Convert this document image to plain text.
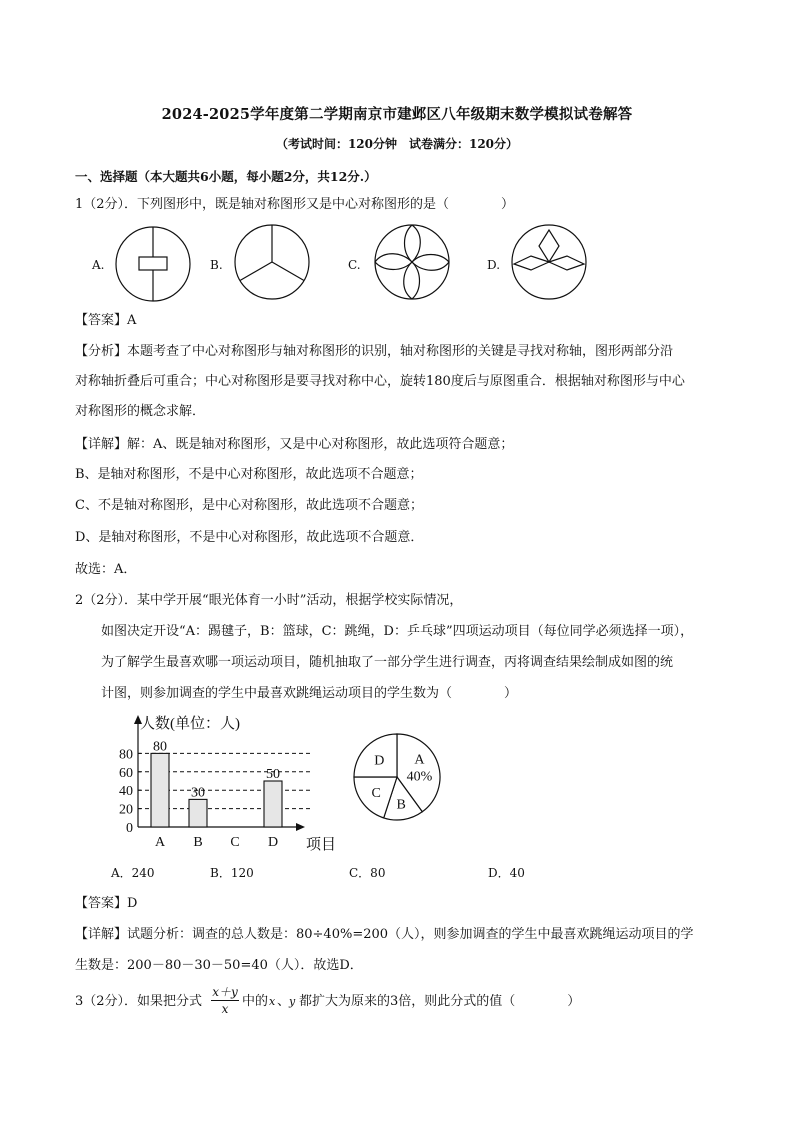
2024-2025学年度第二学期南京市建邺区八年级期末数学模拟试卷解答
（考试时间：120分钟　试卷满分：120分）
一、选择题（本大题共6小题，每小题2分，共12分.）
1（2分）．下列图形中，既是轴对称图形又是中心对称图形的是（　　　　）
A.	B.	C.	D.
【答案】A
【分析】本题考查了中心对称图形与轴对称图形的识别，轴对称图形的关键是寻找对称轴，图形两部分沿
对称轴折叠后可重合；中心对称图形是要寻找对称中心，旋转180度后与原图重合．根据轴对称图形与中心
对称图形的概念求解．
【详解】解：A、既是轴对称图形，又是中心对称图形，故此选项符合题意；
B、是轴对称图形，不是中心对称图形，故此选项不合题意；
C、不是轴对称图形，是中心对称图形，故此选项不合题意；
D、是轴对称图形，不是中心对称图形，故此选项不合题意．
故选：A．
2（2分）．某中学开展“眼光体育一小时”活动，根据学校实际情况，
如图决定开设“A：踢毽子，B：篮球，C：跳绳，D：乒乓球”四项运动项目（每位同学必须选择一项），
为了解学生最喜欢哪一项运动项目，随机抽取了一部分学生进行调查，丙将调查结果绘制成如图的统
计图，则参加调查的学生中最喜欢跳绳运动项目的学生数为（　　　　）
人数(单位：人)
0
20
40
60
80
80
A
30
B C
50
D 项目
A
40%
B
C
D
A．240	B．120	C．80	D．40
【答案】D
【详解】试题分析：调查的总人数是：80÷40%=200（人），则参加调查的学生中最喜欢跳绳运动项目的学
生数是：200－80－30－50=40（人）．故选D．
3（2分）．如果把分式
x＋y
x	中的 x 、
y 都扩大为原来的3倍，则此分式的值（　　　　）
